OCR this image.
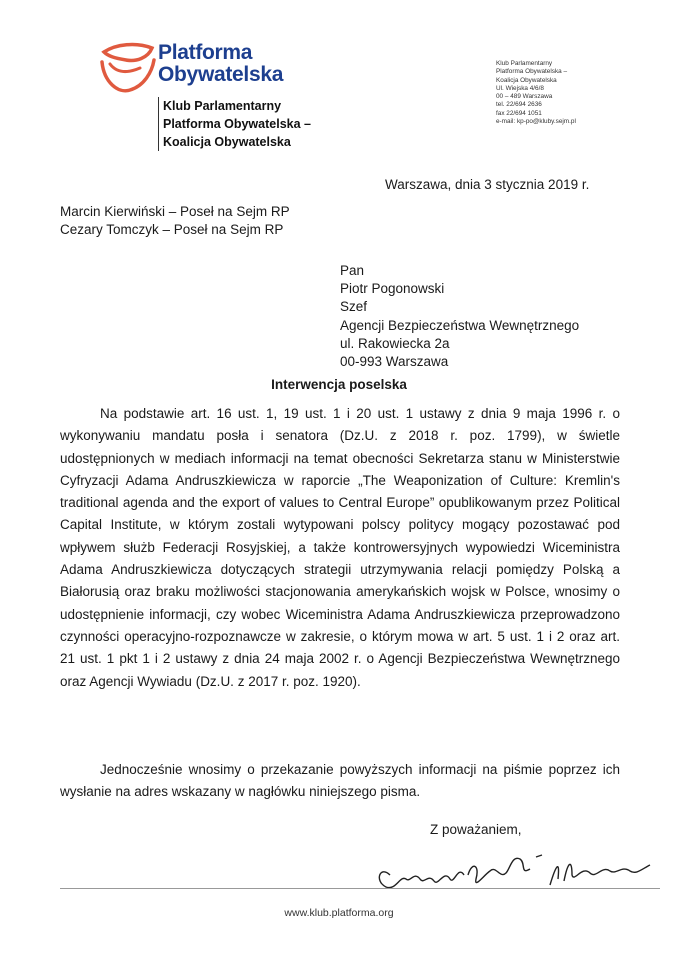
Platforma
Obywatelska
Klub Parlamentarny
Platforma Obywatelska –
Koalicja Obywatelska
Klub Parlamentarny
Platforma Obywatelska –
Koalicja Obywatelska
Ul. Wiejska 4/6/8
00 – 489 Warszawa
tel. 22/694 2636
fax 22/694 1051
e-mail: kp-po@kluby.sejm.pl
Warszawa, dnia 3 stycznia 2019 r.
Marcin Kierwiński – Poseł na Sejm RP
Cezary Tomczyk – Poseł na Sejm RP
Pan
Piotr Pogonowski
Szef
Agencji Bezpieczeństwa Wewnętrznego
ul. Rakowiecka 2a
00-993 Warszawa
Interwencja poselska
Na podstawie art. 16 ust. 1, 19 ust. 1 i 20 ust. 1 ustawy z dnia 9 maja 1996 r. o wykonywaniu mandatu posła i senatora (Dz.U. z 2018 r. poz. 1799), w świetle udostępnionych w mediach informacji na temat obecności Sekretarza stanu w Ministerstwie Cyfryzacji Adama Andruszkiewicza w raporcie „The Weaponization of Culture: Kremlin's traditional agenda and the export of values to Central Europe” opublikowanym przez Political Capital Institute, w którym zostali wytypowani polscy politycy mogący pozostawać pod wpływem służb Federacji Rosyjskiej, a także kontrowersyjnych wypowiedzi Wiceministra Adama Andruszkiewicza dotyczących strategii utrzymywania relacji pomiędzy Polską a Białorusią oraz braku możliwości stacjonowania amerykańskich wojsk w Polsce, wnosimy o udostępnienie informacji, czy wobec Wiceministra Adama Andruszkiewicza przeprowadzono czynności operacyjno-rozpoznawcze w zakresie, o którym mowa w art. 5 ust. 1 i 2 oraz art. 21 ust. 1 pkt 1 i 2 ustawy z dnia 24 maja 2002 r. o Agencji Bezpieczeństwa Wewnętrznego oraz Agencji Wywiadu (Dz.U. z 2017 r. poz. 1920).
Jednocześnie wnosimy o przekazanie powyższych informacji na piśmie poprzez ich wysłanie na adres wskazany w nagłówku niniejszego pisma.
Z poważaniem,
www.klub.platforma.org
